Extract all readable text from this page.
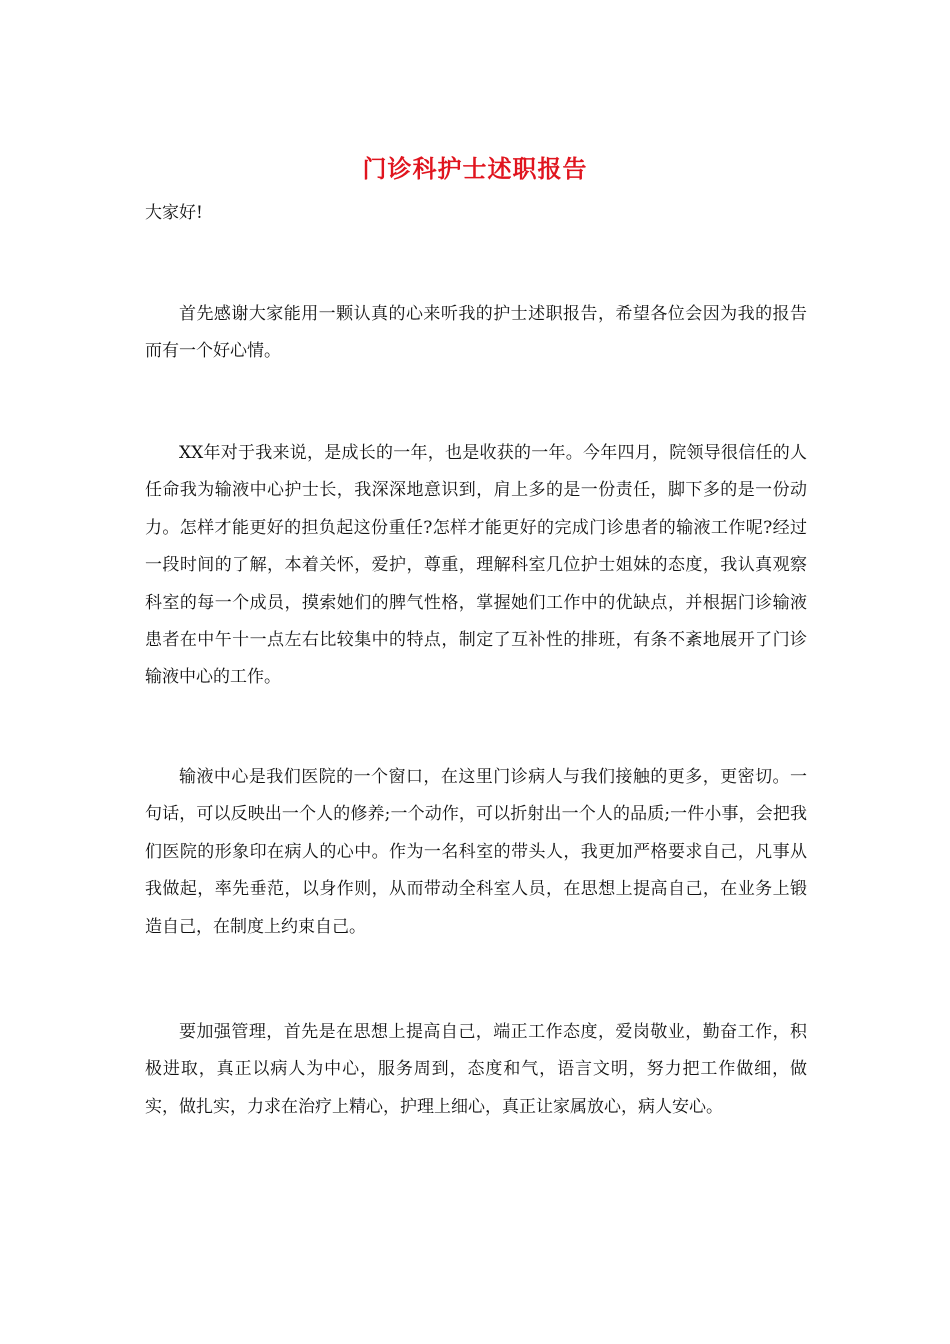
门诊科护士述职报告
大家好!

首先感谢大家能用一颗认真的心来听我的护士述职报告，希望各位会因为我的报告而有一个好心情。

XX年对于我来说，是成长的一年，也是收获的一年。今年四月，院领导很信任的人任命我为输液中心护士长，我深深地意识到，肩上多的是一份责任，脚下多的是一份动力。怎样才能更好的担负起这份重任?怎样才能更好的完成门诊患者的输液工作呢?经过一段时间的了解，本着关怀，爱护，尊重，理解科室几位护士姐妹的态度，我认真观察科室的每一个成员，摸索她们的脾气性格，掌握她们工作中的优缺点，并根据门诊输液患者在中午十一点左右比较集中的特点，制定了互补性的排班，有条不紊地展开了门诊输液中心的工作。

输液中心是我们医院的一个窗口，在这里门诊病人与我们接触的更多，更密切。一句话，可以反映出一个人的修养;一个动作，可以折射出一个人的品质;一件小事，会把我们医院的形象印在病人的心中。作为一名科室的带头人，我更加严格要求自己，凡事从我做起，率先垂范，以身作则，从而带动全科室人员，在思想上提高自己，在业务上锻造自己，在制度上约束自己。

要加强管理，首先是在思想上提高自己，端正工作态度，爱岗敬业，勤奋工作，积极进取，真正以病人为中心，服务周到，态度和气，语言文明，努力把工作做细，做实，做扎实，力求在治疗上精心，护理上细心，真正让家属放心，病人安心。
